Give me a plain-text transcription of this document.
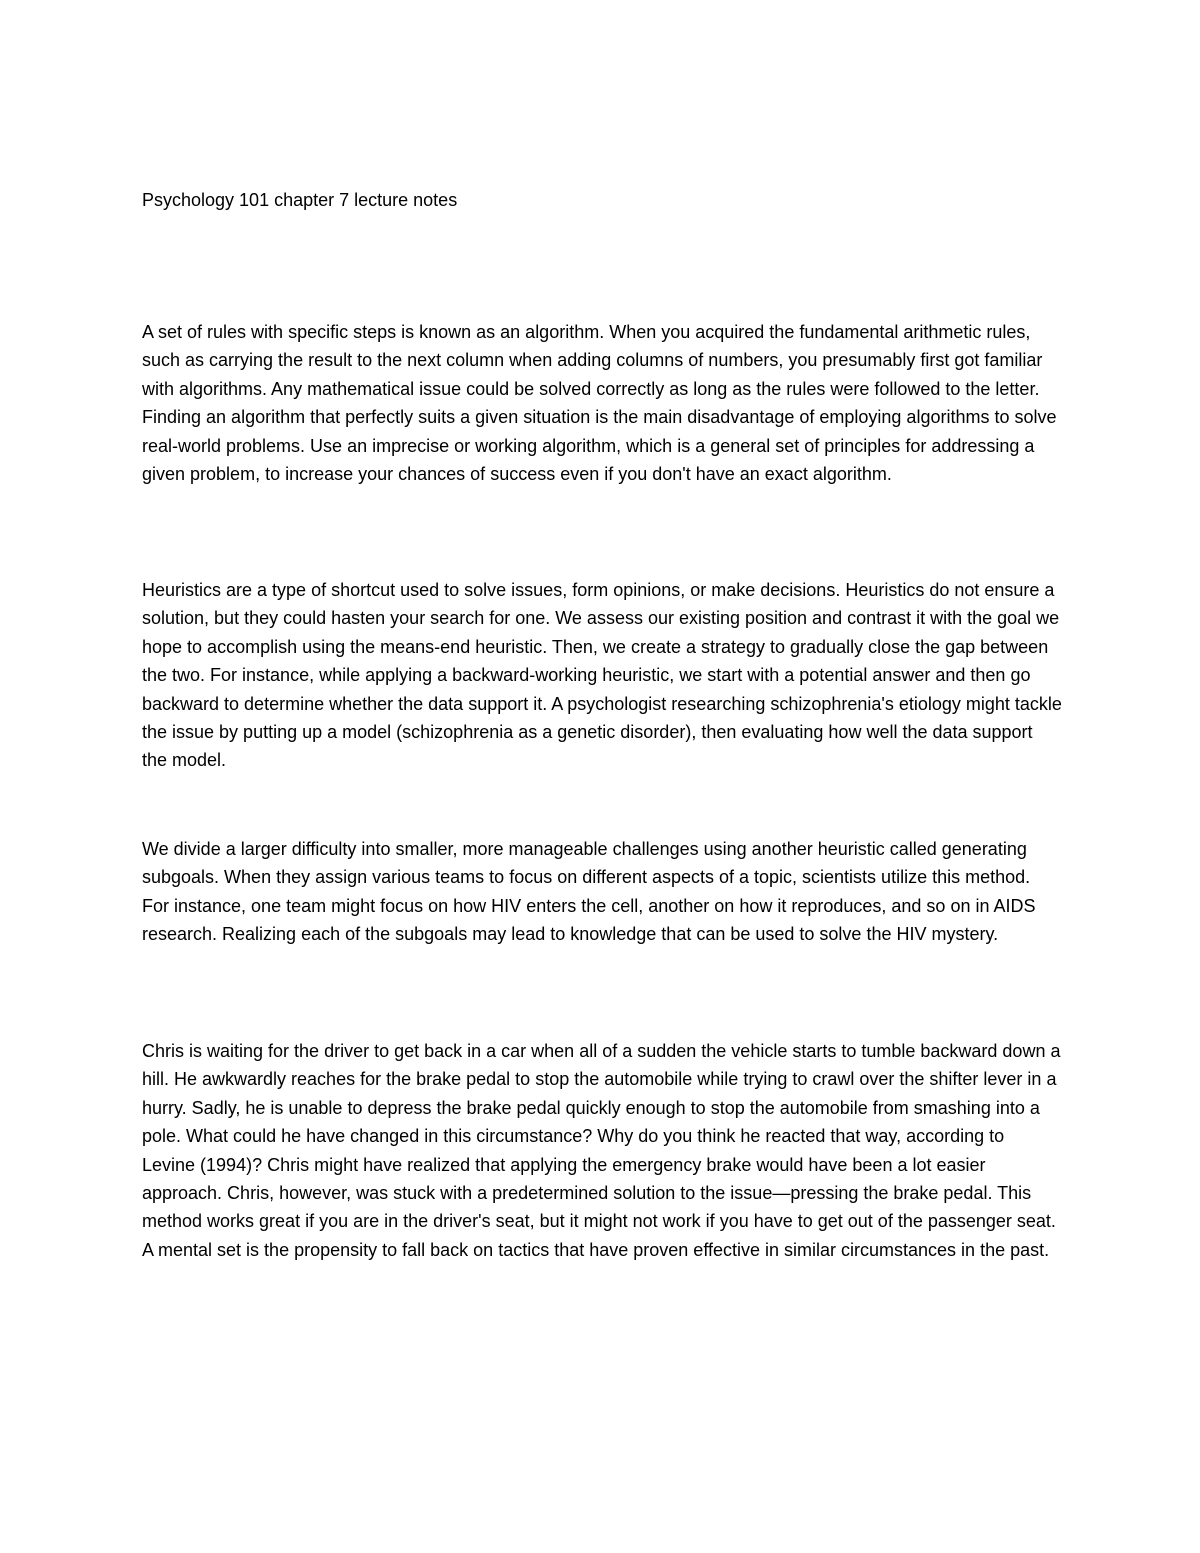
Psychology 101 chapter 7 lecture notes

A set of rules with specific steps is known as an algorithm. When you acquired the fundamental arithmetic rules, such as carrying the result to the next column when adding columns of numbers, you presumably first got familiar with algorithms. Any mathematical issue could be solved correctly as long as the rules were followed to the letter. Finding an algorithm that perfectly suits a given situation is the main disadvantage of employing algorithms to solve real-world problems. Use an imprecise or working algorithm, which is a general set of principles for addressing a given problem, to increase your chances of success even if you don't have an exact algorithm.

Heuristics are a type of shortcut used to solve issues, form opinions, or make decisions. Heuristics do not ensure a solution, but they could hasten your search for one. We assess our existing position and contrast it with the goal we hope to accomplish using the means-end heuristic. Then, we create a strategy to gradually close the gap between the two. For instance, while applying a backward-working heuristic, we start with a potential answer and then go backward to determine whether the data support it. A psychologist researching schizophrenia's etiology might tackle the issue by putting up a model (schizophrenia as a genetic disorder), then evaluating how well the data support the model.

We divide a larger difficulty into smaller, more manageable challenges using another heuristic called generating subgoals. When they assign various teams to focus on different aspects of a topic, scientists utilize this method. For instance, one team might focus on how HIV enters the cell, another on how it reproduces, and so on in AIDS research. Realizing each of the subgoals may lead to knowledge that can be used to solve the HIV mystery.

Chris is waiting for the driver to get back in a car when all of a sudden the vehicle starts to tumble backward down a hill. He awkwardly reaches for the brake pedal to stop the automobile while trying to crawl over the shifter lever in a hurry. Sadly, he is unable to depress the brake pedal quickly enough to stop the automobile from smashing into a pole. What could he have changed in this circumstance? Why do you think he reacted that way, according to Levine (1994)? Chris might have realized that applying the emergency brake would have been a lot easier approach. Chris, however, was stuck with a predetermined solution to the issue—pressing the brake pedal. This method works great if you are in the driver's seat, but it might not work if you have to get out of the passenger seat. A mental set is the propensity to fall back on tactics that have proven effective in similar circumstances in the past.
